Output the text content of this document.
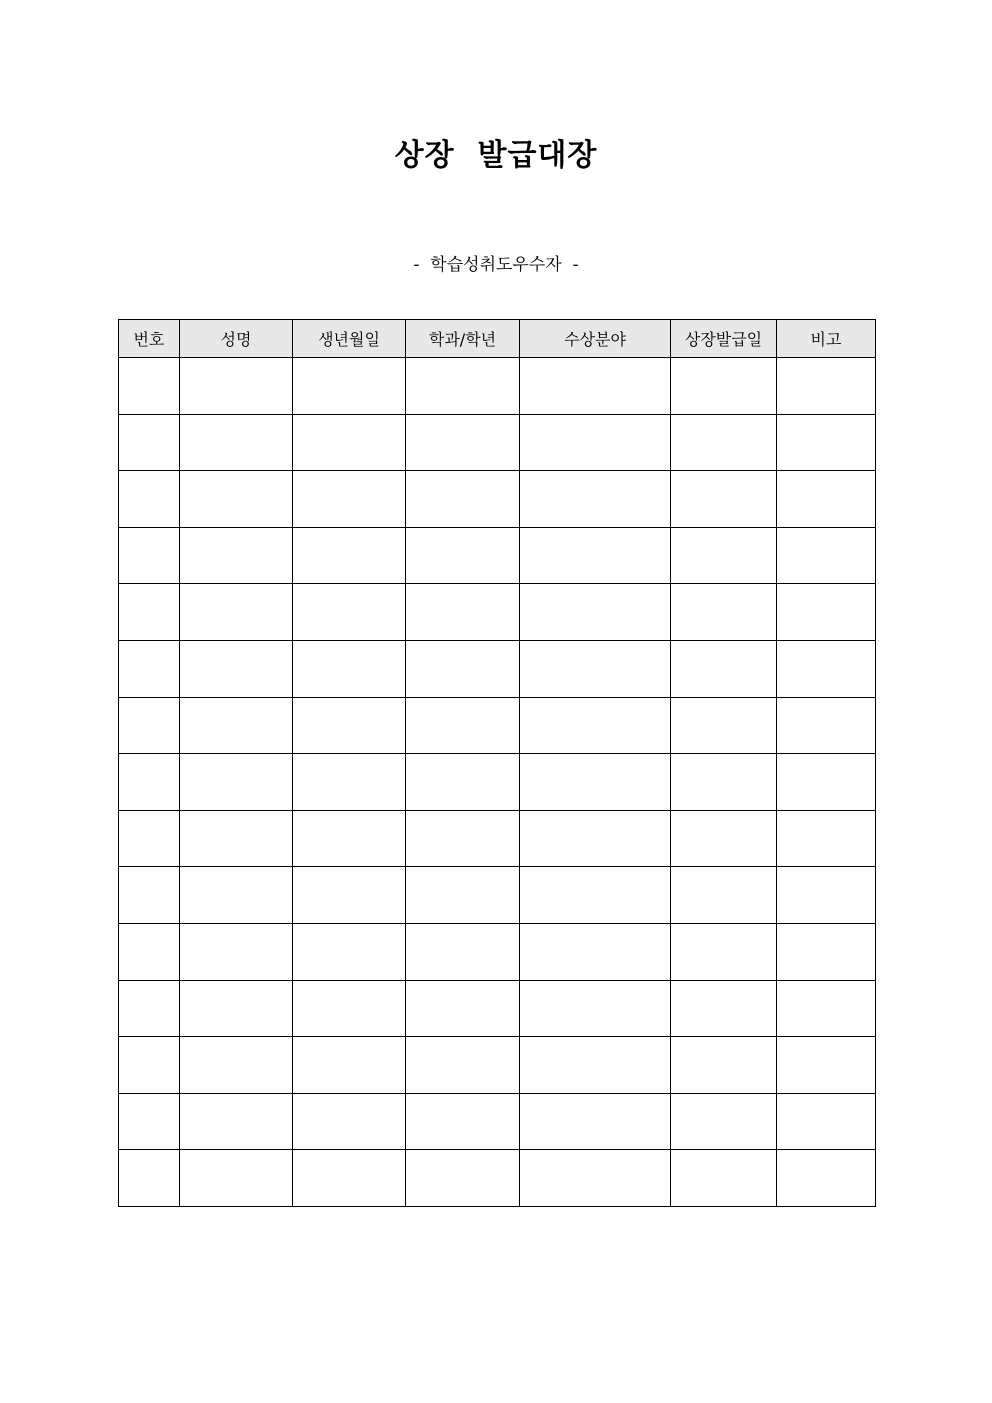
상장  발급대장
-  학습성취도우수자  -
번호	성명	생년월일	학과/학년	수상분야	상장발급일	비고
